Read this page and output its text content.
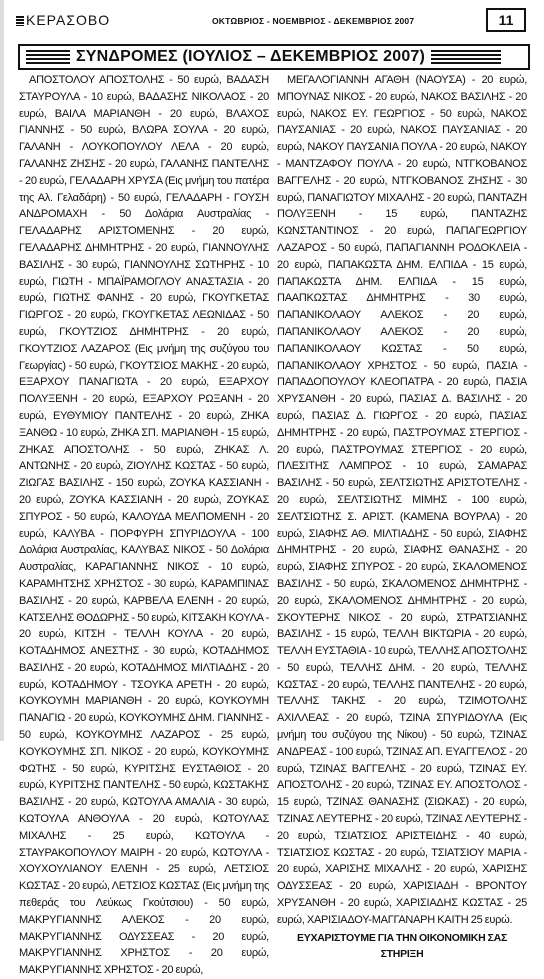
ΚΕΡΑΣΟΒΟ	ΟΚΤΩΒΡΙΟΣ - ΝΟΕΜΒΡΙΟΣ - ΔΕΚΕΜΒΡΙΟΣ 2007	11
ΣΥΝΔΡΟΜΕΣ (ΙΟΥΛΙΟΣ – ΔΕΚΕΜΒΡΙΟΣ 2007)

ΑΠΟΣΤΟΛΟΥ ΑΠΟΣΤΟΛΗΣ - 50 ευρώ, ΒΑΔΑΣΗ ΣΤΑΥΡΟΥΛΑ - 10 ευρώ, ΒΑΔΑΣΗΣ ΝΙΚΟΛΑΟΣ - 20 ευρώ, ΒΑΙΛΑ ΜΑΡΙΑΝΘΗ - 20 ευρώ, ΒΛΑΧΟΣ ΓΙΑΝΝΗΣ - 50 ευρώ, ΒΛΩΡΑ ΣΟΥΛΑ - 20 ευρώ, ΓΑΛΑΝΗ - ΛΟΥΚΟΠΟΥΛΟΥ ΛΕΛΑ - 20 ευρώ, ΓΑΛΑΝΗΣ ΖΗΣΗΣ - 20 ευρώ, ΓΑΛΑΝΗΣ ΠΑΝΤΕΛΗΣ - 20 ευρώ, ΓΕΛΑΔΑΡΗ ΧΡΥΣΑ (Εις μνήμη του πατέρα της Αλ. Γελαδάρη) - 50 ευρώ, ΓΕΛΑΔΑΡΗ - ΓΟΥΣΗ ΑΝΔΡΟΜΑΧΗ - 50 Δολάρια Αυστραλίας - ΓΕΛΑΔΑΡΗΣ ΑΡΙΣΤΟΜΕΝΗΣ - 20 ευρώ, ΓΕΛΑΔΑΡΗΣ ΔΗΜΗΤΡΗΣ - 20 ευρώ, ΓΙΑΝΝΟΥΛΗΣ ΒΑΣΙΛΗΣ - 30 ευρώ, ΓΙΑΝΝΟΥΛΗΣ ΣΩΤΗΡΗΣ - 10 ευρώ, ΓΙΩΤΗ - ΜΠΑΪΡΑΜΟΓΛΟΥ ΑΝΑΣΤΑΣΙΑ - 20 ευρώ, ΓΙΩΤΗΣ ΦΑΝΗΣ - 20 ευρώ, ΓΚΟΥΓΚΕΤΑΣ ΓΙΩΡΓΟΣ - 20 ευρώ, ΓΚΟΥΓΚΕΤΑΣ ΛΕΩΝΙΔΑΣ - 50 ευρώ, ΓΚΟΥΤΖΙΟΣ ΔΗΜΗΤΡΗΣ - 20 ευρώ, ΓΚΟΥΤΖΙΟΣ ΛΑΖΑΡΟΣ (Εις μνήμη της συζύγου του Γεωργίας) - 50 ευρώ, ΓΚΟΥΤΣΙΟΣ ΜΑΚΗΣ - 20 ευρώ, ΕΞΑΡΧΟΥ ΠΑΝΑΓΙΩΤΑ - 20 ευρώ, ΕΞΑΡΧΟΥ ΠΟΛΥΞΕΝΗ - 20 ευρώ, ΕΞΑΡΧΟΥ ΡΩΞΑΝΗ - 20 ευρώ, ΕΥΘΥΜΙΟΥ ΠΑΝΤΕΛΗΣ - 20 ευρώ, ΖΗΚΑ ΞΑΝΘΩ - 10 ευρώ, ΖΗΚΑ ΣΠ. ΜΑΡΙΑΝΘΗ - 15 ευρώ, ΖΗΚΑΣ ΑΠΟΣΤΟΛΗΣ - 50 ευρώ, ΖΗΚΑΣ Λ. ΑΝΤΩΝΗΣ - 20 ευρώ, ΖΙΟΥΛΗΣ ΚΩΣΤΑΣ - 50 ευρώ, ΖΙΩΓΑΣ ΒΑΣΙΛΗΣ - 150 ευρώ, ΖΟΥΚΑ ΚΑΣΣΙΑΝΗ - 20 ευρώ, ΖΟΥΚΑ ΚΑΣΣΙΑΝΗ - 20 ευρώ, ΖΟΥΚΑΣ ΣΠΥΡΟΣ - 50 ευρώ, ΚΑΛΟΥΔΑ ΜΕΛΠΟΜΕΝΗ - 20 ευρώ, ΚΑΛΥΒΑ - ΠΟΡΦΥΡΗ ΣΠΥΡΙΔΟΥΛΑ - 100 Δολάρια Αυστραλίας, ΚΑΛΥΒΑΣ ΝΙΚΟΣ - 50 Δολάρια Αυστραλίας, ΚΑΡΑΓΙΑΝΝΗΣ ΝΙΚΟΣ - 10 ευρώ, ΚΑΡΑΜΗΤΣΗΣ ΧΡΗΣΤΟΣ - 30 ευρώ, ΚΑΡΑΜΠΙΝΑΣ ΒΑΣΙΛΗΣ - 20 ευρώ, ΚΑΡΒΕΛΑ ΕΛΕΝΗ - 20 ευρώ, ΚΑΤΣΕΛΗΣ ΘΟΔΩΡΗΣ - 50 ευρώ, ΚΙΤΣΑΚΗ ΚΟΥΛΑ - 20 ευρώ, ΚΙΤΣΗ - ΤΕΛΛΗ ΚΟΥΛΑ - 20 ευρώ, ΚΟΤΑΔΗΜΟΣ ΑΝΕΣΤΗΣ - 30 ευρώ, ΚΟΤΑΔΗΜΟΣ ΒΑΣΙΛΗΣ - 20 ευρώ, ΚΟΤΑΔΗΜΟΣ ΜΙΛΤΙΑΔΗΣ - 20 ευρώ, ΚΟΤΑΔΗΜΟΥ - ΤΣΟΥΚΑ ΑΡΕΤΗ - 20 ευρώ, ΚΟΥΚΟΥΜΗ ΜΑΡΙΑΝΘΗ - 20 ευρώ, ΚΟΥΚΟΥΜΗ ΠΑΝΑΓΙΩ - 20 ευρώ, ΚΟΥΚΟΥΜΗΣ ΔΗΜ. ΓΙΑΝΝΗΣ - 50 ευρώ, ΚΟΥΚΟΥΜΗΣ ΛΑΖΑΡΟΣ - 25 ευρώ, ΚΟΥΚΟΥΜΗΣ ΣΠ. ΝΙΚΟΣ - 20 ευρώ, ΚΟΥΚΟΥΜΗΣ ΦΩΤΗΣ - 50 ευρώ, ΚΥΡΙΤΣΗΣ ΕΥΣΤΑΘΙΟΣ - 20 ευρώ, ΚΥΡΙΤΣΗΣ ΠΑΝΤΕΛΗΣ - 50 ευρώ, ΚΩΣΤΑΚΗΣ ΒΑΣΙΛΗΣ - 20 ευρώ, ΚΩΤΟΥΛΑ ΑΜΑΛΙΑ - 30 ευρώ, ΚΩΤΟΥΛΑ ΑΝΘΟΥΛΑ - 20 ευρώ, ΚΩΤΟΥΛΑΣ ΜΙΧΑΛΗΣ - 25 ευρώ, ΚΩΤΟΥΛΑ - ΣΤΑΥΡΑΚΟΠΟΥΛΟΥ ΜΑΙΡΗ - 20 ευρώ, ΚΩΤΟΥΛΑ - ΧΟΥΧΟΥΛΙΑΝΟΥ ΕΛΕΝΗ - 25 ευρώ, ΛΕΤΣΙΟΣ ΚΩΣΤΑΣ - 20 ευρώ, ΛΕΤΣΙΟΣ ΚΩΣΤΑΣ (Εις μνήμη της πεθεράς του Λεύκως Γκούτσιου) - 50 ευρώ, ΜΑΚΡΥΓΙΑΝΝΗΣ ΑΛΕΚΟΣ - 20 ευρώ, ΜΑΚΡΥΓΙΑΝΝΗΣ ΟΔΥΣΣΕΑΣ - 20 ευρώ, ΜΑΚΡΥΓΙΑΝΝΗΣ ΧΡΗΣΤΟΣ - 20 ευρώ, ΜΑΚΡΥΓΙΑΝΝΗΣ ΧΡΗΣΤΟΣ - 20 ευρώ,

ΜΕΓΑΛΟΓΙΑΝΝΗ ΑΓΑΘΗ (ΝΑΟΥΣΑ) - 20 ευρώ, ΜΠΟΥΝΑΣ ΝΙΚΟΣ - 20 ευρώ, ΝΑΚΟΣ ΒΑΣΙΛΗΣ - 20 ευρώ, ΝΑΚΟΣ ΕΥ. ΓΕΩΡΓΙΟΣ - 50 ευρώ, ΝΑΚΟΣ ΠΑΥΣΑΝΙΑΣ - 20 ευρώ, ΝΑΚΟΣ ΠΑΥΣΑΝΙΑΣ - 20 ευρώ, ΝΑΚΟΥ ΠΑΥΣΑΝΙΑ ΠΟΥΛΑ - 20 ευρώ, ΝΑΚΟΥ - ΜΑΝΤΖΑΦΟΥ ΠΟΥΛΑ - 20 ευρώ, ΝΤΓΚΟΒΑΝΟΣ ΒΑΓΓΕΛΗΣ - 20 ευρώ, ΝΤΓΚΟΒΑΝΟΣ ΖΗΣΗΣ - 30 ευρώ, ΠΑΝΑΓΙΩΤΟΥ ΜΙΧΑΛΗΣ - 20 ευρώ, ΠΑΝΤΑΖΗ ΠΟΛΥΞΕΝΗ - 15 ευρώ, ΠΑΝΤΑΖΗΣ ΚΩΝΣΤΑΝΤΙΝΟΣ - 20 ευρώ, ΠΑΠΑΓΕΩΡΓΙΟΥ ΛΑΖΑΡΟΣ - 50 ευρώ, ΠΑΠΑΓΙΑΝΝΗ ΡΟΔΟΚΛΕΙΑ - 20 ευρώ, ΠΑΠΑΚΩΣΤΑ ΔΗΜ. ΕΛΠΙΔΑ - 15 ευρώ, ΠΑΠΑΚΩΣΤΑ ΔΗΜ. ΕΛΠΙΔΑ - 15 ευρώ, ΠΑΑΠΚΩΣΤΑΣ ΔΗΜΗΤΡΗΣ - 30 ευρώ, ΠΑΠΑΝΙΚΟΛΑΟΥ ΑΛΕΚΟΣ - 20 ευρώ, ΠΑΠΑΝΙΚΟΛΑΟΥ ΑΛΕΚΟΣ - 20 ευρώ, ΠΑΠΑΝΙΚΟΛΑΟΥ ΚΩΣΤΑΣ - 50 ευρώ, ΠΑΠΑΝΙΚΟΛΑΟΥ ΧΡΗΣΤΟΣ - 50 ευρώ, ΠΑΣΙΑ - ΠΑΠΑΔΟΠΟΥΛΟΥ ΚΛΕΟΠΑΤΡΑ - 20 ευρώ, ΠΑΣΙΑ ΧΡΥΣΑΝΘΗ - 20 ευρώ, ΠΑΣΙΑΣ Δ. ΒΑΣΙΛΗΣ - 20 ευρώ, ΠΑΣΙΑΣ Δ. ΓΙΩΡΓΟΣ - 20 ευρώ, ΠΑΣΙΑΣ ΔΗΜΗΤΡΗΣ - 20 ευρώ, ΠΑΣΤΡΟΥΜΑΣ ΣΤΕΡΓΙΟΣ - 20 ευρώ, ΠΑΣΤΡΟΥΜΑΣ ΣΤΕΡΓΙΟΣ - 20 ευρώ, ΠΛΕΣΙΤΗΣ ΛΑΜΠΡΟΣ - 10 ευρώ, ΣΑΜΑΡΑΣ ΒΑΣΙΛΗΣ - 50 ευρώ, ΣΕΛΤΣΙΩΤΗΣ ΑΡΙΣΤΟΤΕΛΗΣ - 20 ευρώ, ΣΕΛΤΣΙΩΤΗΣ ΜΙΜΗΣ - 100 ευρώ, ΣΕΛΤΣΙΩΤΗΣ Σ. ΑΡΙΣΤ. (ΚΑΜΕΝΑ ΒΟΥΡΛΑ) - 20 ευρώ, ΣΙΑΦΗΣ ΑΘ. ΜΙΛΤΙΑΔΗΣ - 50 ευρώ, ΣΙΑΦΗΣ ΔΗΜΗΤΡΗΣ - 20 ευρώ, ΣΙΑΦΗΣ ΘΑΝΑΣΗΣ - 20 ευρώ, ΣΙΑΦΗΣ ΣΠΥΡΟΣ - 20 ευρώ, ΣΚΑΛΟΜΕΝΟΣ ΒΑΣΙΛΗΣ - 50 ευρώ, ΣΚΑΛΟΜΕΝΟΣ ΔΗΜΗΤΡΗΣ - 20 ευρώ, ΣΚΑΛΟΜΕΝΟΣ ΔΗΜΗΤΡΗΣ - 20 ευρώ, ΣΚΟΥΤΕΡΗΣ ΝΙΚΟΣ - 20 ευρώ, ΣΤΡΑΤΣΙΑΝΗΣ ΒΑΣΙΛΗΣ - 15 ευρώ, ΤΕΛΛΗ ΒΙΚΤΩΡΙΑ - 20 ευρώ, ΤΕΛΛΗ ΕΥΣΤΑΘΙΑ - 10 ευρώ, ΤΕΛΛΗΣ ΑΠΟΣΤΟΛΗΣ - 50 ευρώ, ΤΕΛΛΗΣ ΔΗΜ. - 20 ευρώ, ΤΕΛΛΗΣ ΚΩΣΤΑΣ - 20 ευρώ, ΤΕΛΛΗΣ ΠΑΝΤΕΛΗΣ - 20 ευρώ, ΤΕΛΛΗΣ ΤΑΚΗΣ - 20 ευρώ, ΤΖΙΜΟΤΟΛΗΣ ΑΧΙΛΛΕΑΣ - 20 ευρώ, ΤΖΙΝΑ ΣΠΥΡΙΔΟΥΛΑ (Εις μνήμη του συζύγου της Νίκου) - 50 ευρώ, ΤΖΙΝΑΣ ΑΝΔΡΕΑΣ - 100 ευρώ, ΤΖΙΝΑΣ ΑΠ. ΕΥΑΓΓΕΛΟΣ - 20 ευρώ, ΤΖΙΝΑΣ ΒΑΓΓΕΛΗΣ - 20 ευρώ, ΤΖΙΝΑΣ ΕΥ. ΑΠΟΣΤΟΛΗΣ - 20 ευρώ, ΤΖΙΝΑΣ ΕΥ. ΑΠΟΣΤΟΛΟΣ - 15 ευρώ, ΤΖΙΝΑΣ ΘΑΝΑΣΗΣ (ΣΙΩΚΑΣ) - 20 ευρώ, ΤΖΙΝΑΣ ΛΕΥΤΕΡΗΣ - 20 ευρώ, ΤΖΙΝΑΣ ΛΕΥΤΕΡΗΣ - 20 ευρώ, ΤΣΙΑΤΣΙΟΣ ΑΡΙΣΤΕΙΔΗΣ - 40 ευρώ, ΤΣΙΑΤΣΙΟΣ ΚΩΣΤΑΣ - 20 ευρώ, ΤΣΙΑΤΣΙΟΥ ΜΑΡΙΑ - 20 ευρώ, ΧΑΡΙΣΗΣ ΜΙΧΑΛΗΣ - 20 ευρώ, ΧΑΡΙΣΗΣ ΟΔΥΣΣΕΑΣ - 20 ευρώ, ΧΑΡΙΣΙΑΔΗ - ΒΡΟΝΤΟΥ ΧΡΥΣΑΝΘΗ - 20 ευρώ, ΧΑΡΙΣΙΑΔΗΣ ΚΩΣΤΑΣ - 25 ευρώ, ΧΑΡΙΣΙΑΔΟΥ-ΜΑΓΓΑΝΑΡΗ ΚΑΙΤΗ 25 ευρώ.

ΕΥΧΑΡΙΣΤΟΥΜΕ ΓΙΑ ΤΗΝ ΟΙΚΟΝΟΜΙΚΗ ΣΑΣ ΣΤΗΡΙΞΗ
